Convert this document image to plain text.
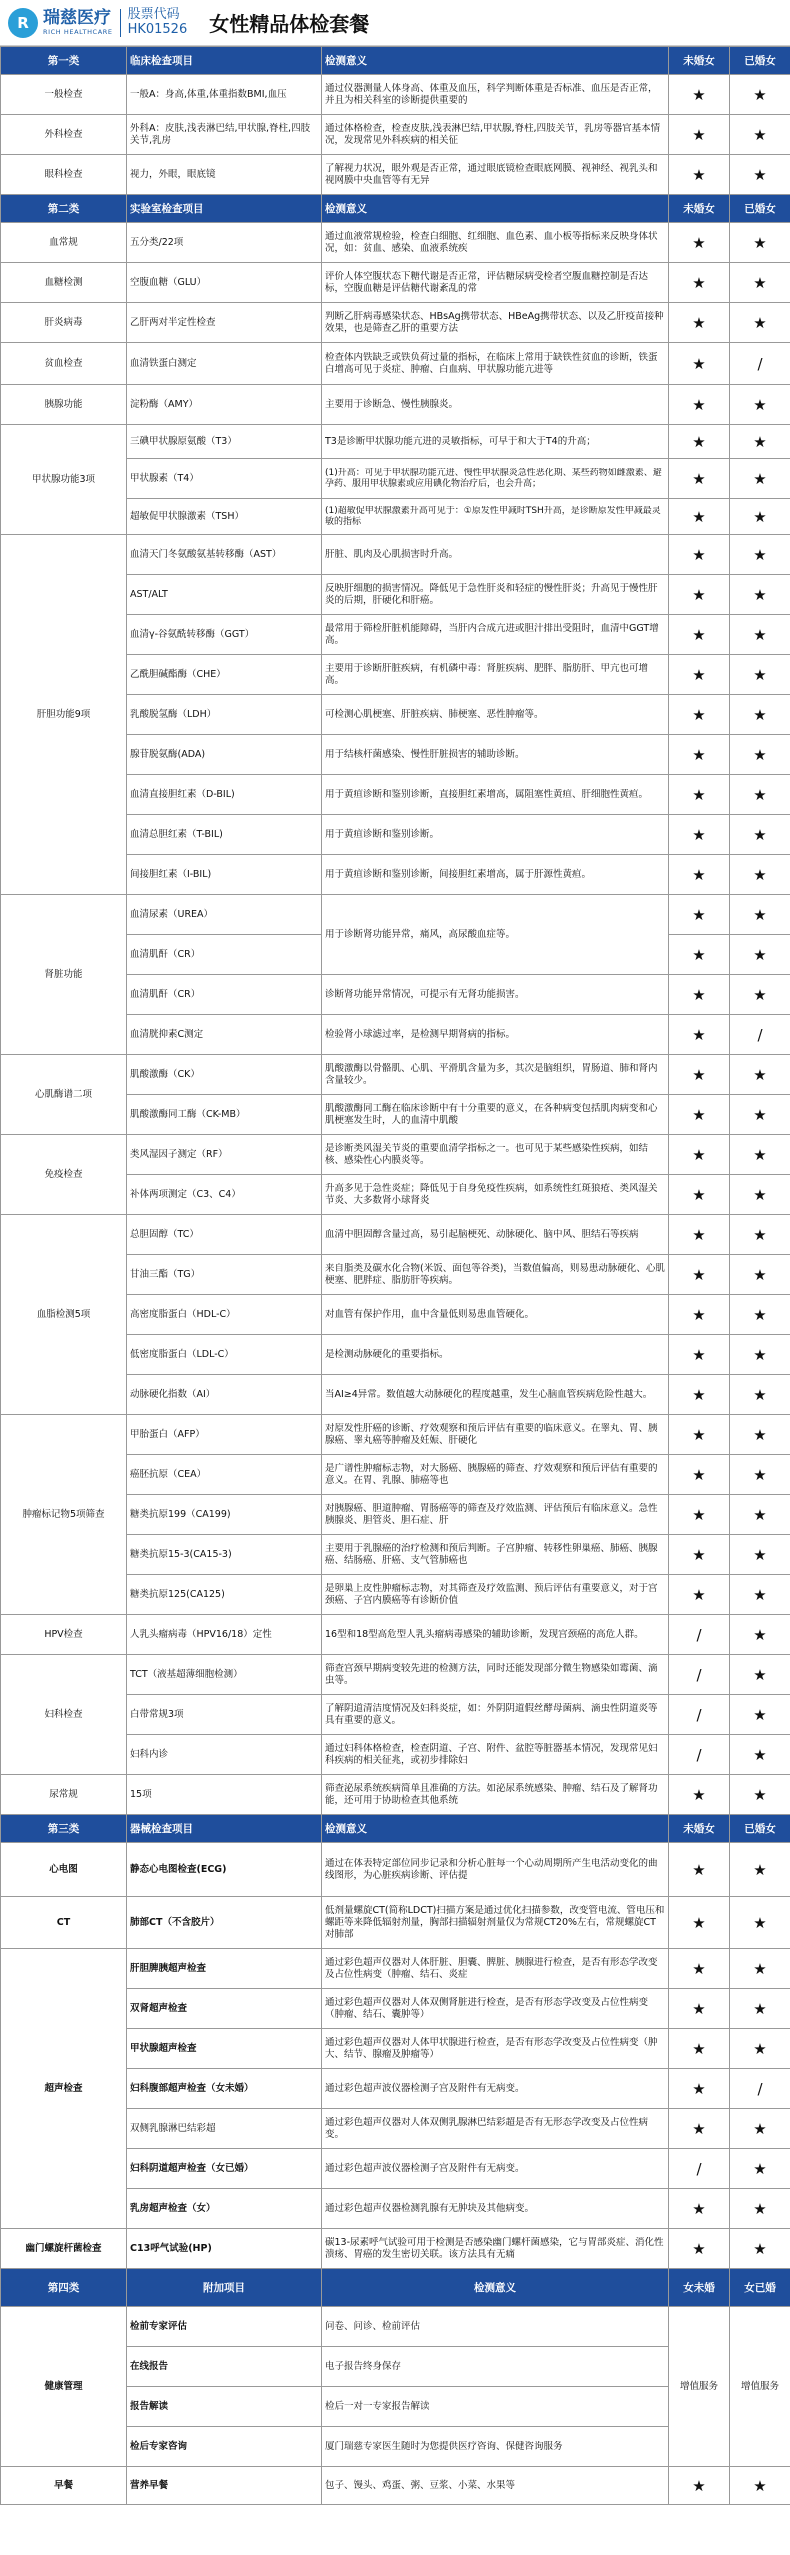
R 瑞慈医疗
RICH HEALTHCARE
股票代码
HK01526 女性精品体检套餐
第一类	临床检查项目	检测意义	未婚女	已婚女
一般检查	一般A：身高,体重,体重指数BMI,血压	通过仪器测量人体身高、体重及血压，科学判断体重是否标准、血压是否正常，并且为相关科室的诊断提供重要的	★	★
外科检查	外科A：皮肤,浅表淋巴结,甲状腺,脊柱,四肢关节,乳房	通过体格检查，检查皮肤,浅表淋巴结,甲状腺,脊柱,四肢关节，乳房等器官基本情况，发现常见外科疾病的相关征	★	★
眼科检查	视力，外眼，眼底镜	了解视力状况，眼外观是否正常，通过眼底镜检查眼底网膜、视神经、视乳头和视网膜中央血管等有无异	★	★
第二类	实验室检查项目	检测意义	未婚女	已婚女
血常规	五分类/22项	通过血液常规检验，检查白细胞、红细胞、血色素、血小板等指标来反映身体状况，如：贫血、感染、血液系统疾	★	★
血糖检测	空腹血糖（GLU）	评价人体空腹状态下糖代谢是否正常，评估糖尿病受检者空腹血糖控制是否达标，空腹血糖是评估糖代谢紊乱的常	★	★
肝炎病毒	乙肝两对半定性检查	判断乙肝病毒感染状态、HBsAg携带状态、HBeAg携带状态、以及乙肝疫苗接种效果，也是筛查乙肝的重要方法	★	★
贫血检查	血清铁蛋白测定	检查体内铁缺乏或铁负荷过量的指标，在临床上常用于缺铁性贫血的诊断，铁蛋白增高可见于炎症、肿瘤、白血病、甲状腺功能亢进等	★	/
胰腺功能	淀粉酶（AMY）	主要用于诊断急、慢性胰腺炎。	★	★
甲状腺功能3项	三碘甲状腺原氨酸（T3）	T3是诊断甲状腺功能亢进的灵敏指标，可早于和大于T4的升高；	★	★
	甲状腺素（T4）	(1)升高：可见于甲状腺功能亢进、慢性甲状腺炎急性恶化期、某些药物如雌激素、避孕药、服用甲状腺素或应用碘化物治疗后，也会升高；	★	★
	超敏促甲状腺激素（TSH）	(1)超敏促甲状腺激素升高可见于：①原发性甲减时TSH升高，是诊断原发性甲减最灵敏的指标	★	★
肝胆功能9项	血清天门冬氨酸氨基转移酶（AST）	肝脏、肌肉及心肌损害时升高。	★	★
	AST/ALT	反映肝细胞的损害情况。降低见于急性肝炎和轻症的慢性肝炎；升高见于慢性肝炎的后期，肝硬化和肝癌。	★	★
	血清γ-谷氨酰转移酶（GGT）	最常用于筛检肝脏机能障碍，当肝内合成亢进或胆汁排出受阻时，血清中GGT增高。	★	★
	乙酰胆碱酯酶（CHE）	主要用于诊断肝脏疾病，有机磷中毒：肾脏疾病、肥胖、脂肪肝、甲亢也可增高。	★	★
	乳酸脱氢酶（LDH）	可检测心肌梗塞、肝脏疾病、肺梗塞、恶性肿瘤等。	★	★
	腺苷脱氨酶(ADA)	用于结核杆菌感染、慢性肝脏损害的辅助诊断。	★	★
	血清直接胆红素（D-BIL)	用于黄疸诊断和鉴别诊断，直接胆红素增高，属阻塞性黄疸、肝细胞性黄疸。	★	★
	血清总胆红素（T-BIL)	用于黄疸诊断和鉴别诊断。	★	★
	间接胆红素（I-BIL)	用于黄疸诊断和鉴别诊断，间接胆红素增高，属于肝源性黄疸。	★	★
肾脏功能	血清尿素（UREA）	用于诊断肾功能异常，痛风，高尿酸血症等。	★	★
	血清肌酐（CR）		★	★
	血清肌酐（CR）	诊断肾功能异常情况，可提示有无肾功能损害。	★	★
	血清胱抑素C测定	检验肾小球滤过率，是检测早期肾病的指标。	★	/
心肌酶谱二项	肌酸激酶（CK）	肌酸激酶以骨骼肌、心肌、平滑肌含量为多，其次是脑组织，胃肠道、肺和肾内含量较少。	★	★
	肌酸激酶同工酶（CK-MB）	肌酸激酶同工酶在临床诊断中有十分重要的意义，在各种病变包括肌肉病变和心肌梗塞发生时，人的血清中肌酸	★	★
免疫检查	类风湿因子测定（RF）	是诊断类风湿关节炎的重要血清学指标之一。也可见于某些感染性疾病，如结核、感染性心内膜炎等。	★	★
	补体两项测定（C3、C4）	升高多见于急性炎症；降低见于自身免疫性疾病，如系统性红斑狼疮、类风湿关节炎、大多数肾小球肾炎	★	★
血脂检测5项	总胆固醇（TC）	血清中胆固醇含量过高，易引起脑梗死、动脉硬化、脑中风、胆结石等疾病	★	★
	甘油三酯（TG）	来自脂类及碳水化合物(米饭、面包等谷类)，当数值偏高，则易患动脉硬化、心肌梗塞、肥胖症、脂肪肝等疾病。	★	★
	高密度脂蛋白（HDL-C）	对血管有保护作用，血中含量低则易患血管硬化。	★	★
	低密度脂蛋白（LDL-C）	是检测动脉硬化的重要指标。	★	★
	动脉硬化指数（AI）	当AI≥4异常。数值越大动脉硬化的程度越重，发生心脑血管疾病危险性越大。	★	★
肿瘤标记物5项筛查	甲胎蛋白（AFP）	对原发性肝癌的诊断、疗效观察和预后评估有重要的临床意义。在睾丸、胃、胰腺癌、睾丸癌等肿瘤及妊娠、肝硬化	★	★
	癌胚抗原（CEA）	是广谱性肿瘤标志物，对大肠癌、胰腺癌的筛查、疗效观察和预后评估有重要的意义。在胃、乳腺、肺癌等也	★	★
	糖类抗原199（CA199)	对胰腺癌、胆道肿瘤、胃肠癌等的筛查及疗效监测、评估预后有临床意义。急性胰腺炎、胆管炎、胆石症、肝	★	★
	糖类抗原15-3(CA15-3)	主要用于乳腺癌的治疗检测和预后判断。子宫肿瘤、转移性卵巢癌、肺癌、胰腺癌、结肠癌、肝癌、支气管肺癌也	★	★
	糖类抗原125(CA125)	是卵巢上皮性肿瘤标志物，对其筛查及疗效监测、预后评估有重要意义，对于宫颈癌、子宫内膜癌等有诊断价值	★	★
HPV检查	人乳头瘤病毒（HPV16/18）定性	16型和18型高危型人乳头瘤病毒感染的辅助诊断，发现宫颈癌的高危人群。	/	★
妇科检查	TCT（液基超薄细胞检测）	筛查宫颈早期病变较先进的检测方法，同时还能发现部分微生物感染如霉菌、滴虫等。	/	★
	白带常规3项	了解阴道清洁度情况及妇科炎症，如：外阴阴道假丝酵母菌病、滴虫性阴道炎等具有重要的意义。	/	★
	妇科内诊	通过妇科体格检查，检查阴道、子宫、附件、盆腔等脏器基本情况，发现常见妇科疾病的相关征兆，或初步排除妇	/	★
尿常规	15项	筛查泌尿系统疾病简单且准确的方法。如泌尿系统感染、肿瘤、结石及了解肾功能，还可用于协助检查其他系统	★	★
第三类	器械检查项目	检测意义	未婚女	已婚女
心电图	静态心电图检查(ECG)	通过在体表特定部位同步记录和分析心脏每一个心动周期所产生电活动变化的曲线图形，为心脏疾病诊断、评估提	★	★
CT	肺部CT（不含胶片）	低剂量螺旋CT(简称LDCT)扫描方案是通过优化扫描参数，改变管电流、管电压和螺距等来降低辐射剂量，胸部扫描辐射剂量仅为常规CT20%左右，常规螺旋CT对肺部	★	★
超声检查	肝胆脾胰超声检查	通过彩色超声仪器对人体肝脏、胆囊、脾脏、胰腺进行检查，是否有形态学改变及占位性病变（肿瘤、结石、炎症	★	★
	双肾超声检查	通过彩色超声仪器对人体双侧肾脏进行检查，是否有形态学改变及占位性病变（肿瘤、结石、囊肿等）	★	★
	甲状腺超声检查	通过彩色超声仪器对人体甲状腺进行检查，是否有形态学改变及占位性病变（肿大、结节、腺瘤及肿瘤等）	★	★
	妇科腹部超声检查（女未婚）	通过彩色超声波仪器检测子宫及附件有无病变。	★	/
	双侧乳腺淋巴结彩超	通过彩色超声仪器对人体双侧乳腺淋巴结彩超是否有无形态学改变及占位性病变。	★	★
	妇科阴道超声检查（女已婚）	通过彩色超声波仪器检测子宫及附件有无病变。	/	★
	乳房超声检查（女）	通过彩色超声仪器检测乳腺有无肿块及其他病变。	★	★
幽门螺旋杆菌检查	C13呼气试验(HP)	碳13-尿素呼气试验可用于检测是否感染幽门螺杆菌感染，它与胃部炎症、消化性溃疡、胃癌的发生密切关联。该方法具有无痛	★	★
第四类	附加项目	检测意义	女未婚	女已婚
健康管理	检前专家评估	问卷、问诊、检前评估	增值服务	增值服务
	在线报告	电子报告终身保存		
	报告解读	检后一对一专家报告解读		
	检后专家咨询	厦门瑞慈专家医生随时为您提供医疗咨询、保健咨询服务		

早餐	营养早餐	包子、馒头、鸡蛋、粥、豆浆、小菜、水果等	★	★
